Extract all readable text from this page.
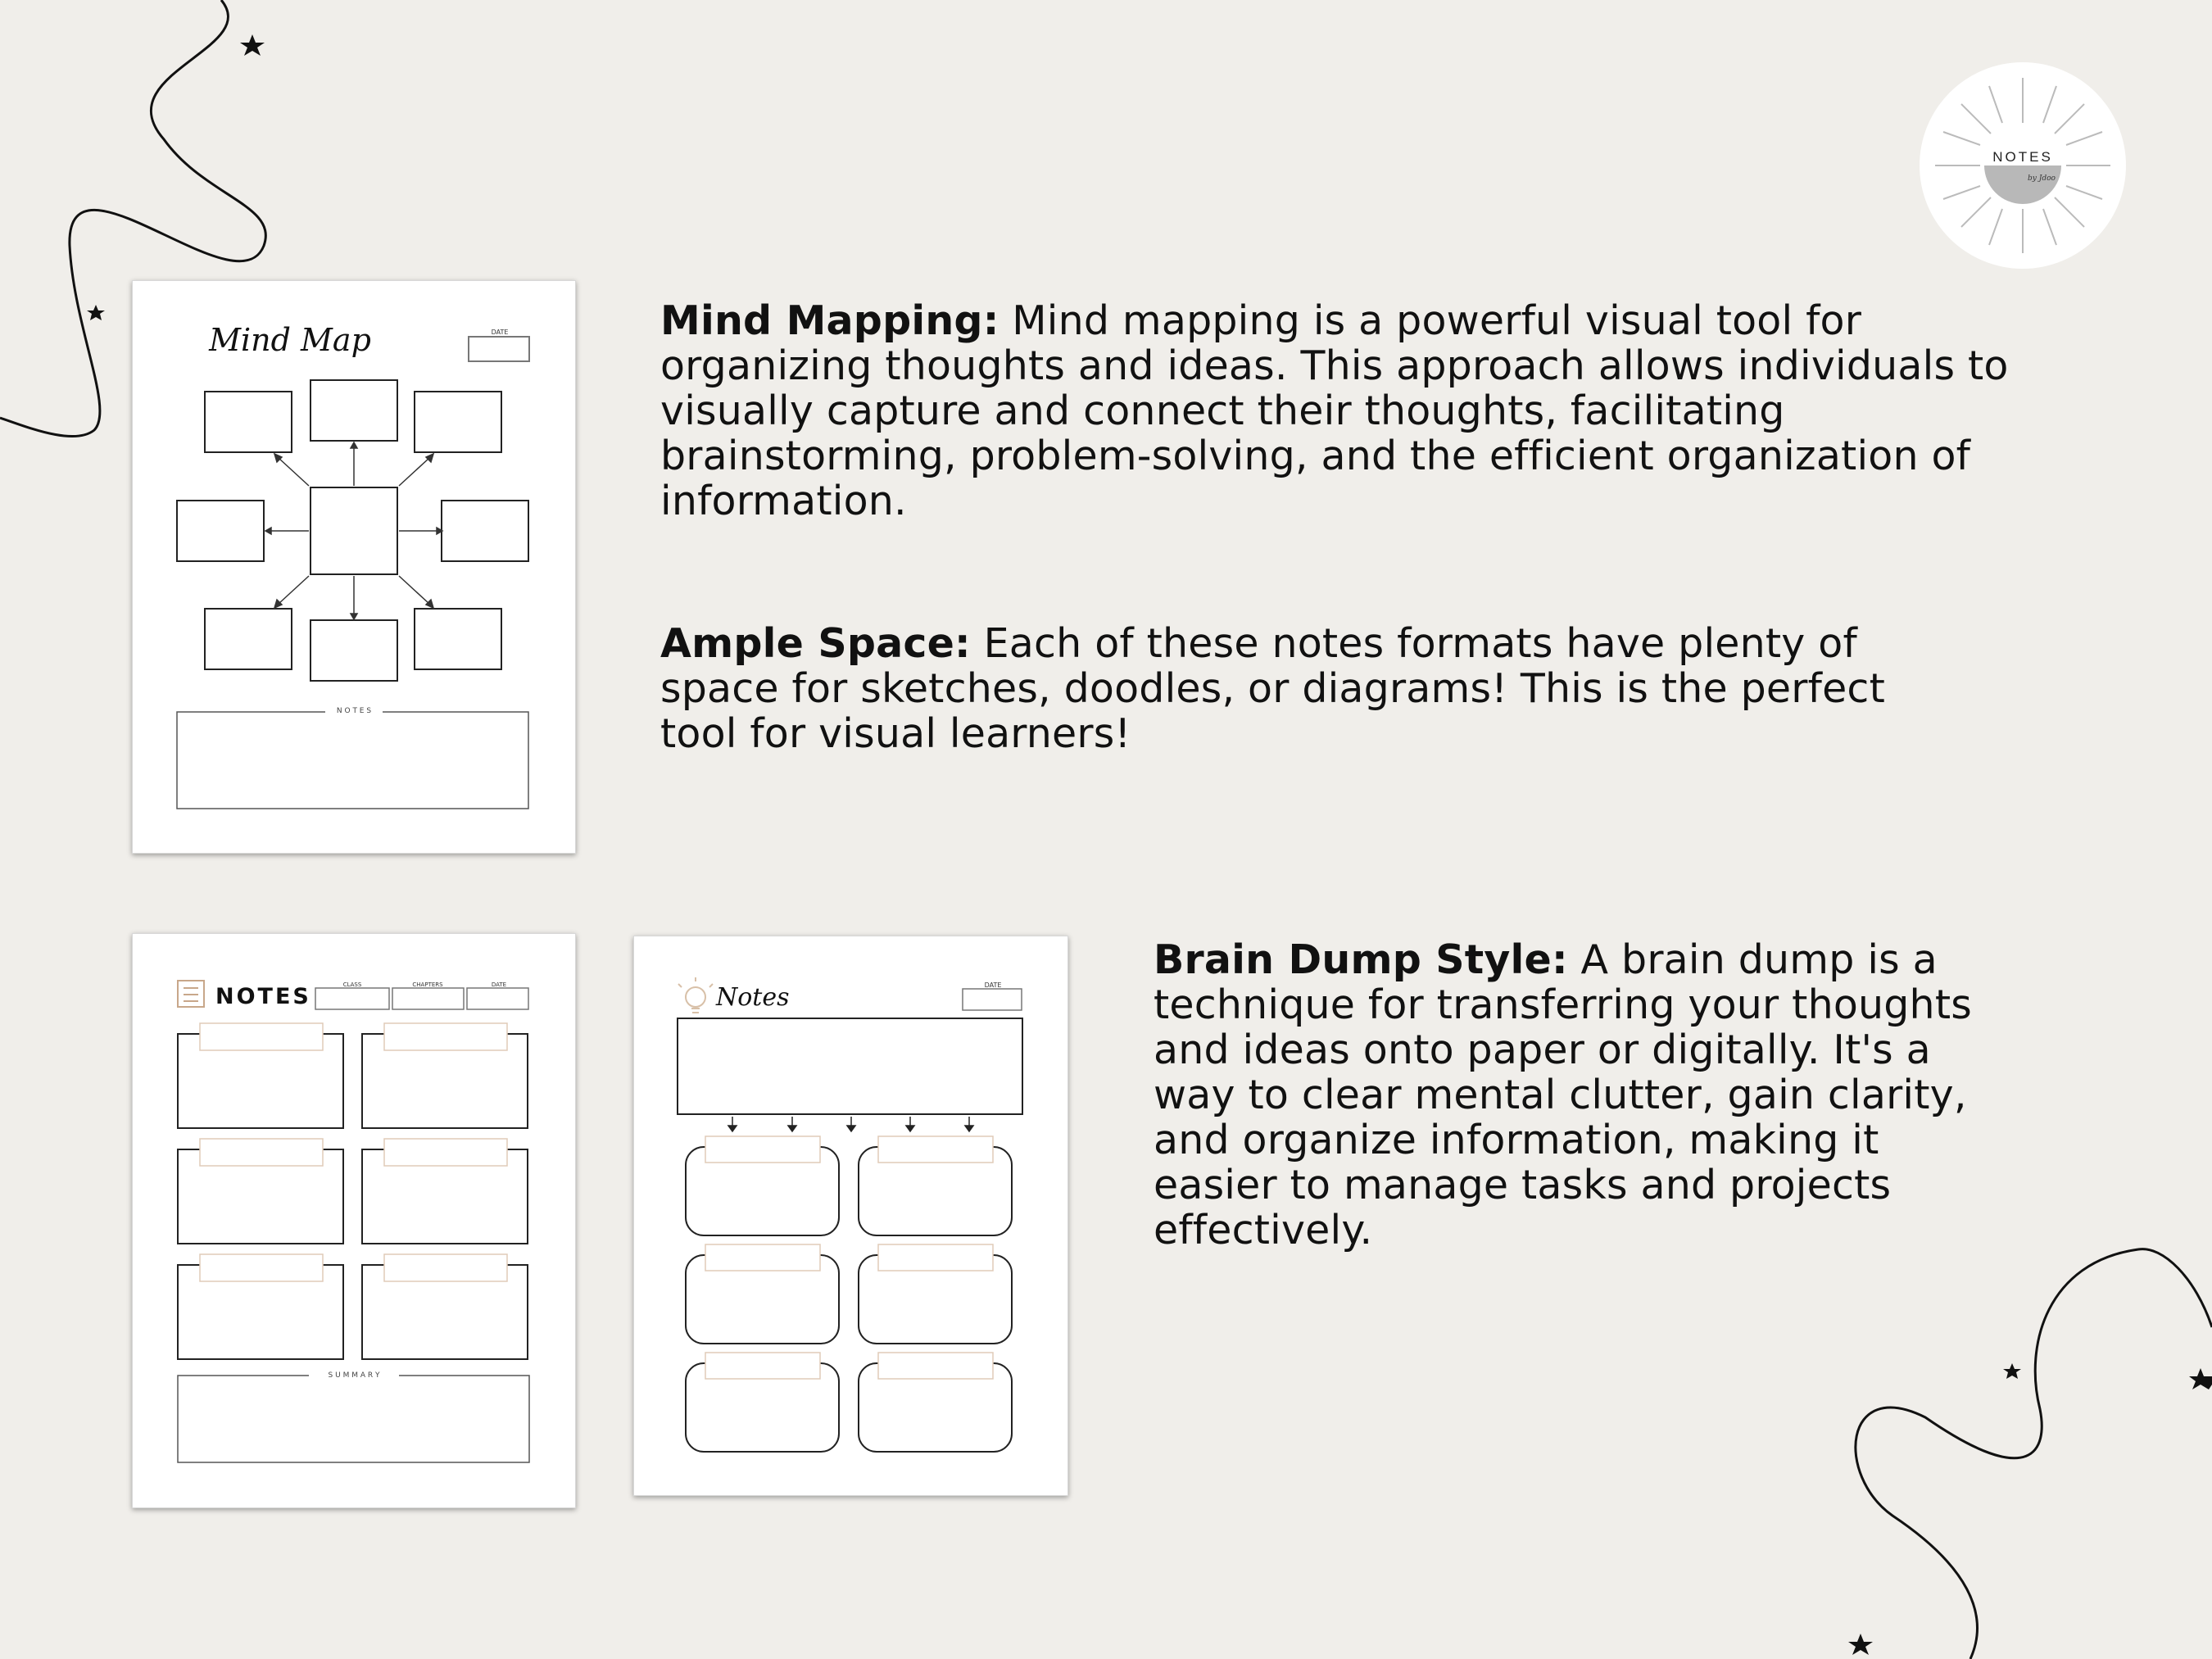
NOTES
by Jdoo
Mind Map	DATE
N O T E S
NOTES	CLASS	CHAPTERS	DATE
S U M M A R Y
Notes	DATE

Mind Mapping: Mind mapping is a powerful visual tool for
organizing thoughts and ideas. This approach allows individuals to
visually capture and connect their thoughts, facilitating
brainstorming, problem-solving, and the efficient organization of
information.

Ample Space: Each of these notes formats have plenty of
space for sketches, doodles, or diagrams! This is the perfect
tool for visual learners!

Brain Dump Style: A brain dump is a
technique for transferring your thoughts
and ideas onto paper or digitally. It's a
way to clear mental clutter, gain clarity,
and organize information, making it
easier to manage tasks and projects
effectively.
